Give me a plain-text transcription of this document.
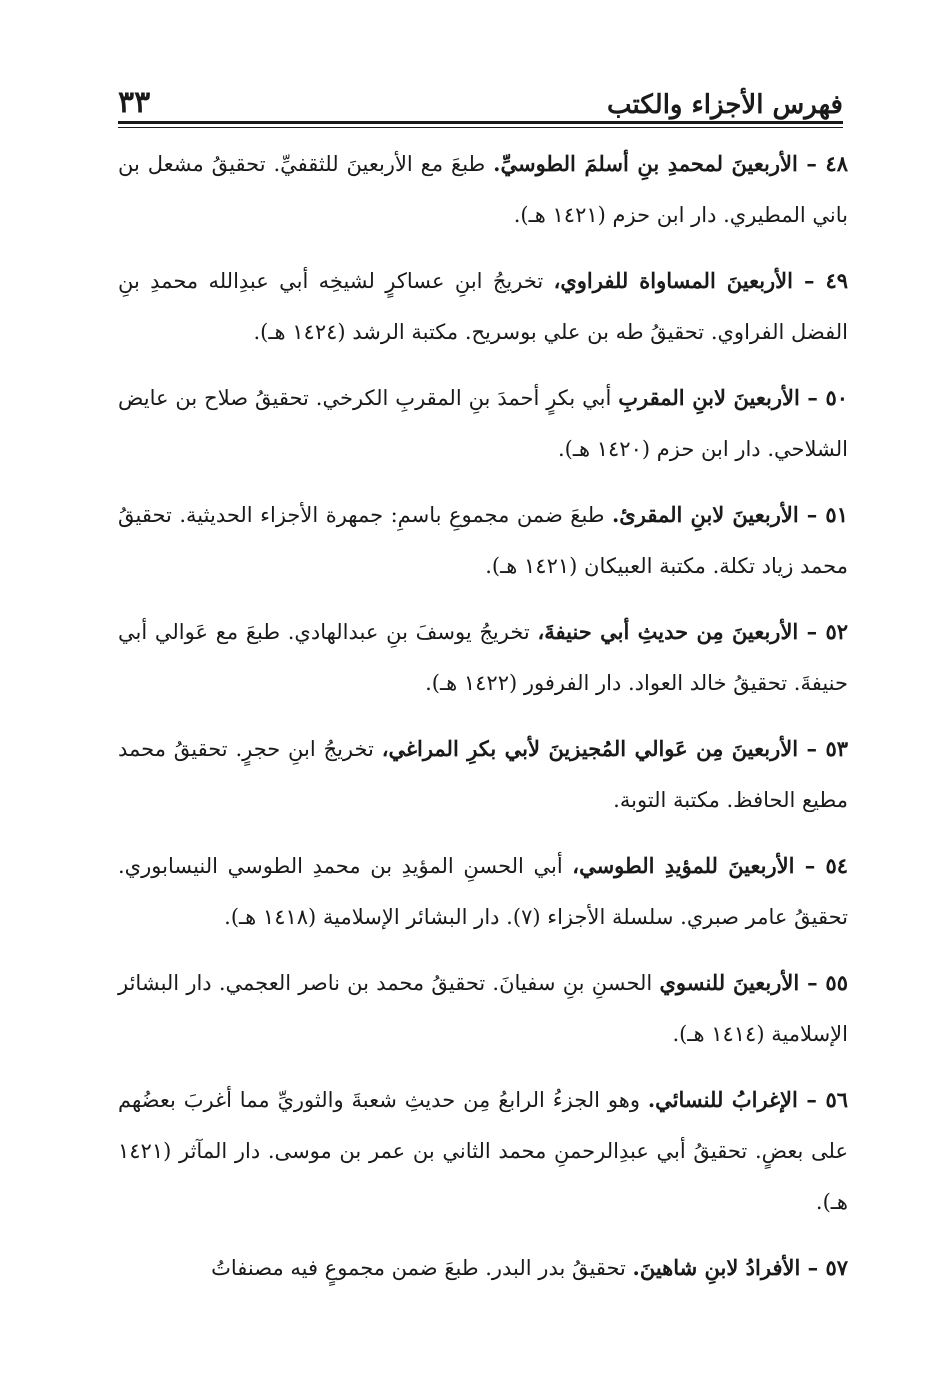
فهرس الأجزاء والكتب
٣٣

٤٨ – الأربعينَ لمحمدِ بنِ أسلمَ الطوسيِّ. طبعَ مع الأربعينَ للثقفيِّ. تحقيقُ مشعل بن باني المطيري. دار ابن حزم (١٤٢١ هـ).

٤٩ – الأربعينَ المساواة للفراوي، تخريجُ ابنِ عساكرٍ لشيخِه أبي عبدِالله محمدِ بنِ الفضل الفراوي. تحقيقُ طه بن علي بوسريح. مكتبة الرشد (١٤٢٤ هـ).

٥٠ – الأربعينَ لابنِ المقربِ أبي بكرٍ أحمدَ بنِ المقربِ الكرخي. تحقيقُ صلاح بن عايض الشلاحي. دار ابن حزم (١٤٢٠ هـ).

٥١ – الأربعينَ لابنِ المقرئ. طبعَ ضمن مجموعِ باسمِ: جمهرة الأجزاء الحديثية. تحقيقُ محمد زياد تكلة. مكتبة العبيكان (١٤٢١ هـ).

٥٢ – الأربعينَ مِن حديثِ أبي حنيفةَ، تخريجُ يوسفَ بنِ عبدالهادي. طبعَ مع عَوالي أبي حنيفةَ. تحقيقُ خالد العواد. دار الفرفور (١٤٢٢ هـ).

٥٣ – الأربعينَ مِن عَوالي المُجيزينَ لأبي بكرِ المراغي، تخريجُ ابنِ حجرٍ. تحقيقُ محمد مطيع الحافظ. مكتبة التوبة.

٥٤ – الأربعينَ للمؤيدِ الطوسي، أبي الحسنِ المؤيدِ بن محمدِ الطوسي النيسابوري. تحقيقُ عامر صبري. سلسلة الأجزاء (٧). دار البشائر الإسلامية (١٤١٨ هـ).

٥٥ – الأربعينَ للنسوي الحسنِ بنِ سفيانَ. تحقيقُ محمد بن ناصر العجمي. دار البشائر الإسلامية (١٤١٤ هـ).

٥٦ – الإغرابُ للنسائي. وهو الجزءُ الرابعُ مِن حديثِ شعبةَ والثوريِّ مما أغربَ بعضُهم على بعضٍ. تحقيقُ أبي عبدِالرحمنِ محمد الثاني بن عمر بن موسى. دار المآثر (١٤٢١ هـ).

٥٧ – الأفرادُ لابنِ شاهينَ. تحقيقُ بدر البدر. طبعَ ضمن مجموعٍ فيه مصنفاتُ
